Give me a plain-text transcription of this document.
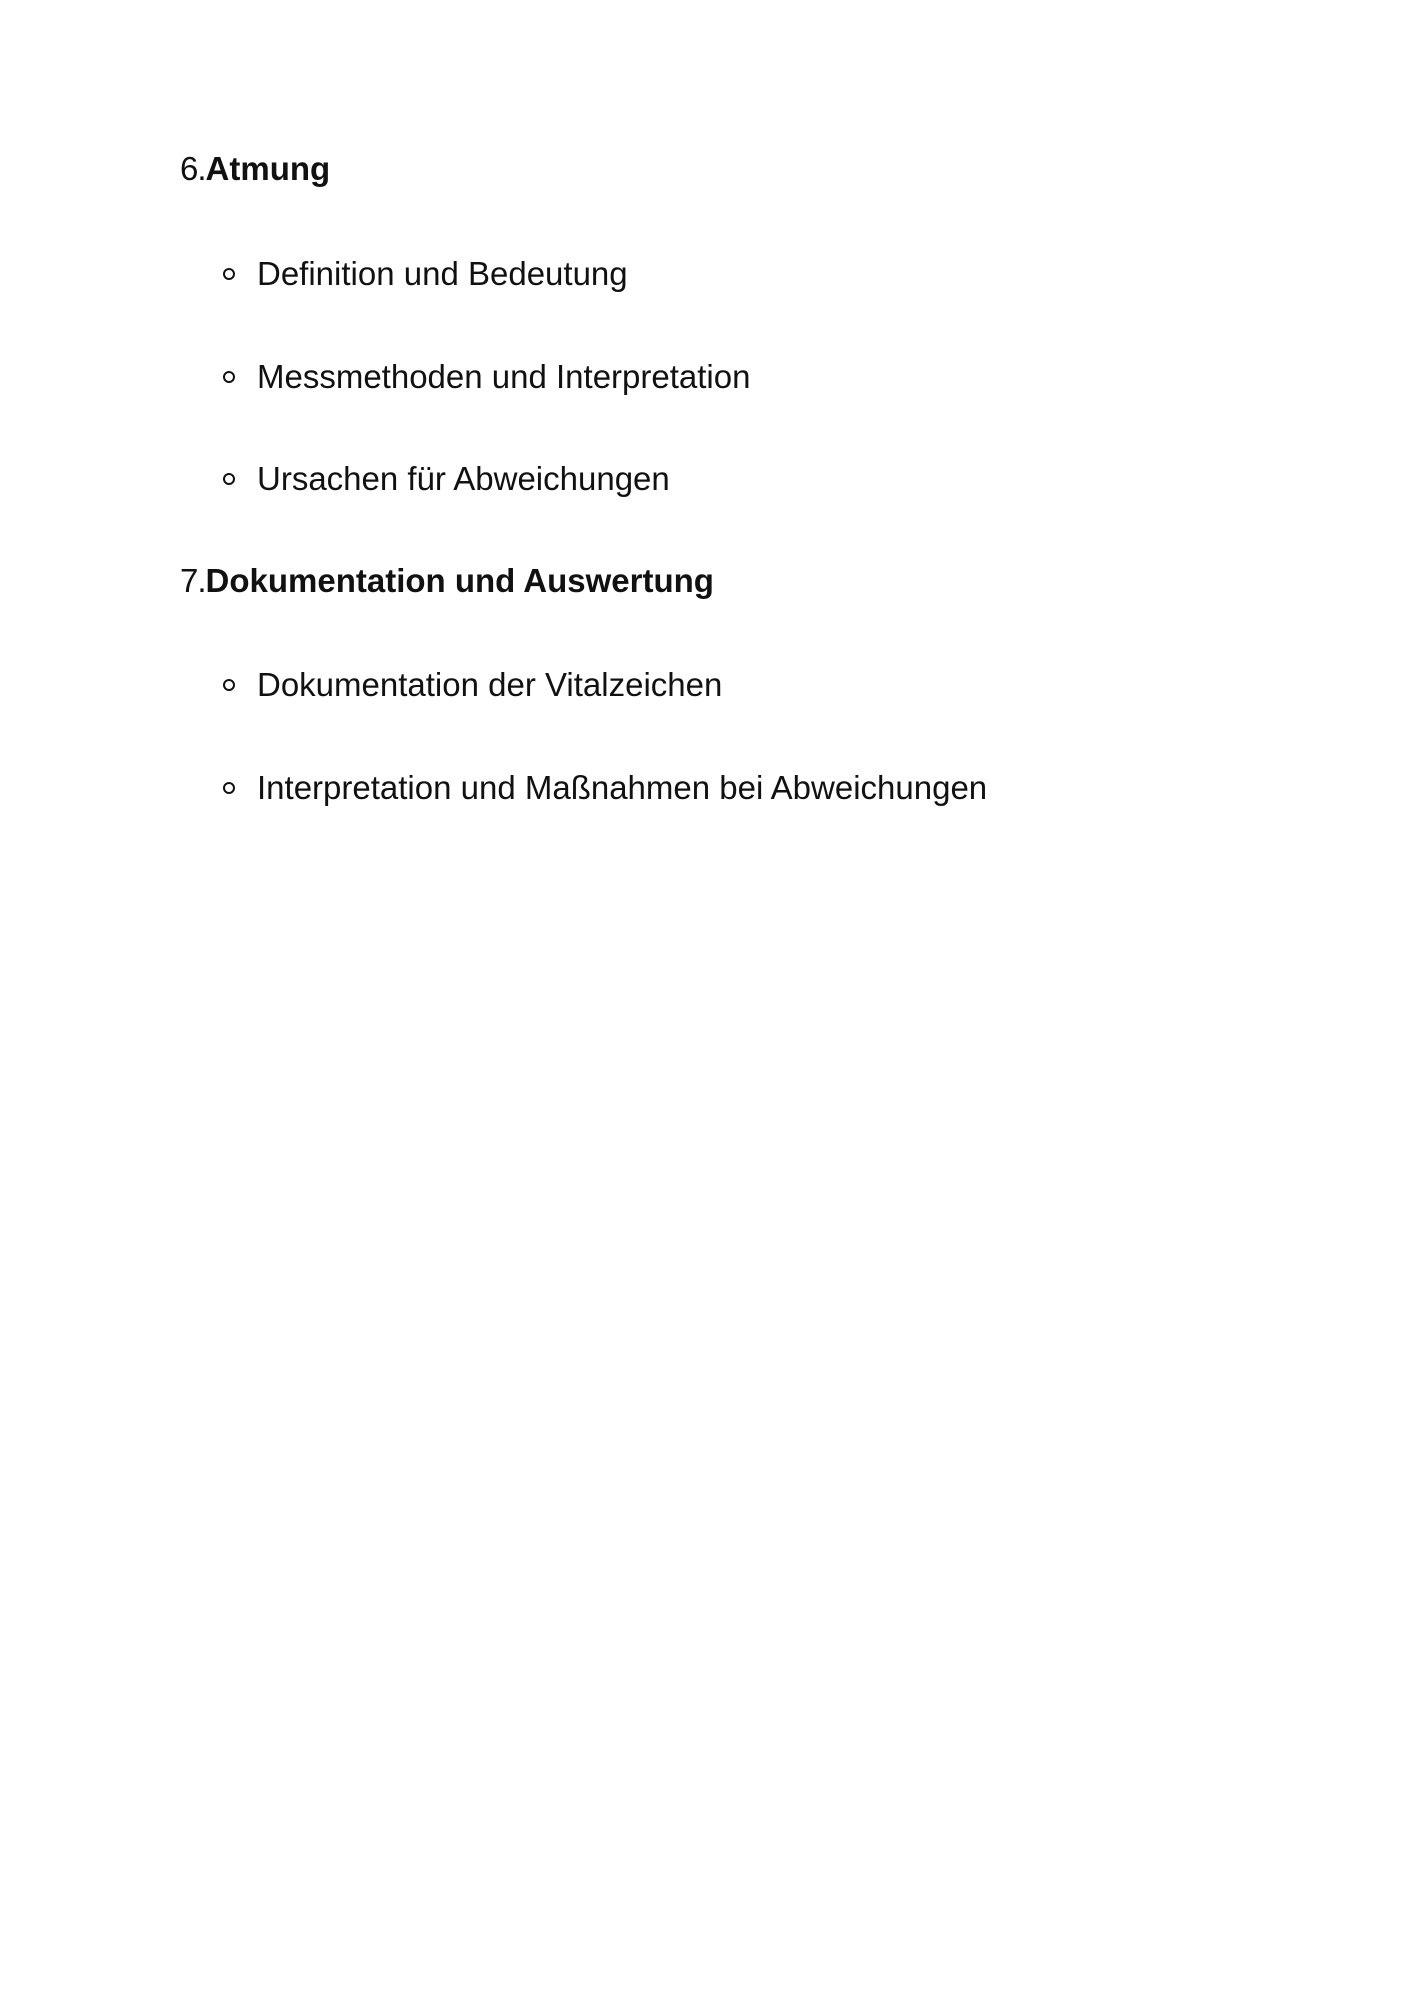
6.Atmung
Definition und Bedeutung
Messmethoden und Interpretation
Ursachen für Abweichungen
7.Dokumentation und Auswertung
Dokumentation der Vitalzeichen
Interpretation und Maßnahmen bei Abweichungen
